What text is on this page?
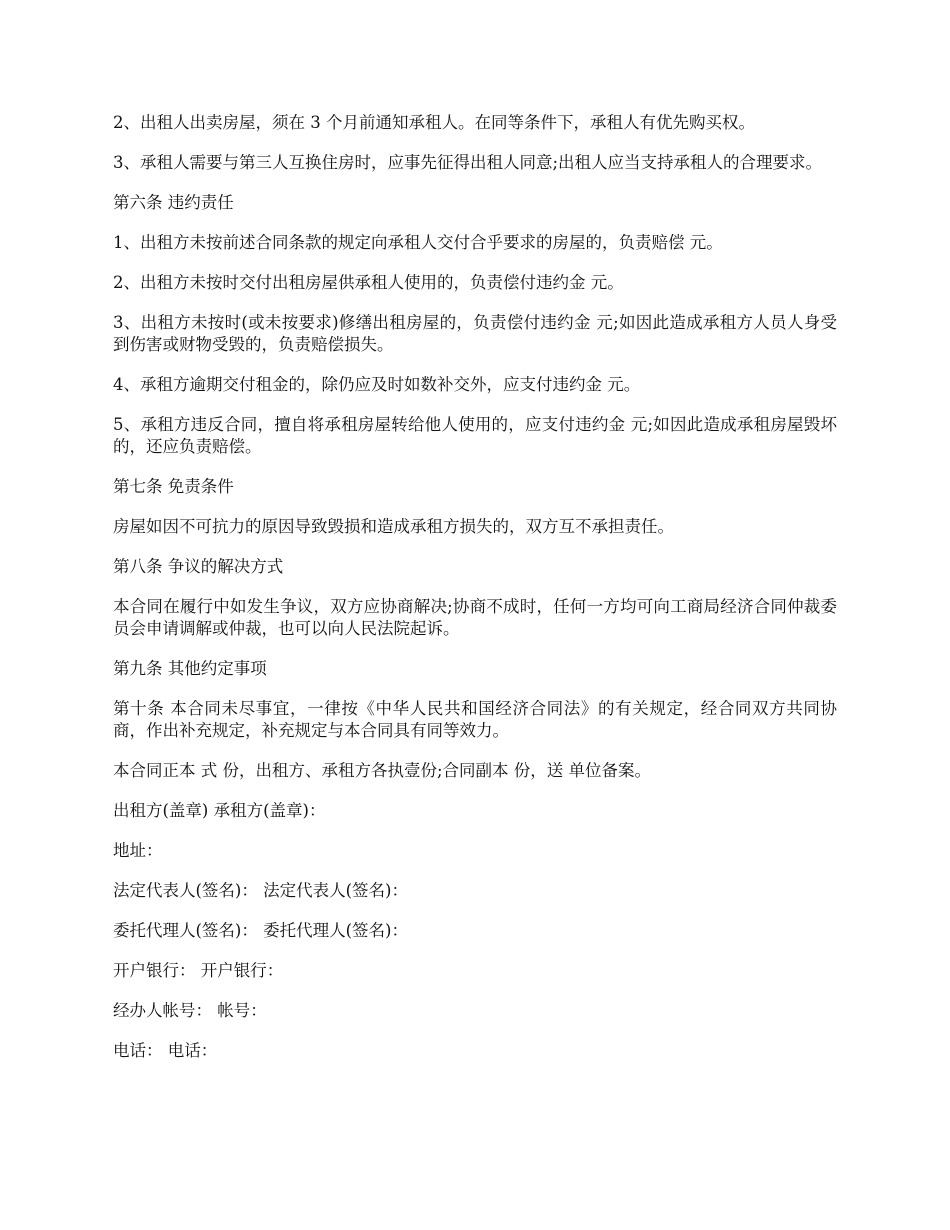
2、出租人出卖房屋，须在 3 个月前通知承租人。在同等条件下，承租人有优先购买权。

3、承租人需要与第三人互换住房时，应事先征得出租人同意;出租人应当支持承租人的合理要求。

第六条 违约责任

1、出租方未按前述合同条款的规定向承租人交付合乎要求的房屋的，负责赔偿 元。

2、出租方未按时交付出租房屋供承租人使用的，负责偿付违约金 元。

3、出租方未按时(或未按要求)修缮出租房屋的，负责偿付违约金 元;如因此造成承租方人员人身受到伤害或财物受毁的，负责赔偿损失。

4、承租方逾期交付租金的，除仍应及时如数补交外，应支付违约金 元。

5、承租方违反合同，擅自将承租房屋转给他人使用的，应支付违约金 元;如因此造成承租房屋毁坏的，还应负责赔偿。

第七条 免责条件

房屋如因不可抗力的原因导致毁损和造成承租方损失的，双方互不承担责任。

第八条 争议的解决方式

本合同在履行中如发生争议，双方应协商解决;协商不成时，任何一方均可向工商局经济合同仲裁委员会申请调解或仲裁，也可以向人民法院起诉。

第九条 其他约定事项

第十条 本合同未尽事宜，一律按《中华人民共和国经济合同法》的有关规定，经合同双方共同协商，作出补充规定，补充规定与本合同具有同等效力。

本合同正本 式 份，出租方、承租方各执壹份;合同副本 份，送 单位备案。

出租方(盖章) 承租方(盖章)：

地址：

法定代表人(签名)： 法定代表人(签名)：

委托代理人(签名)： 委托代理人(签名)：

开户银行： 开户银行：

经办人帐号： 帐号：

电话： 电话：
